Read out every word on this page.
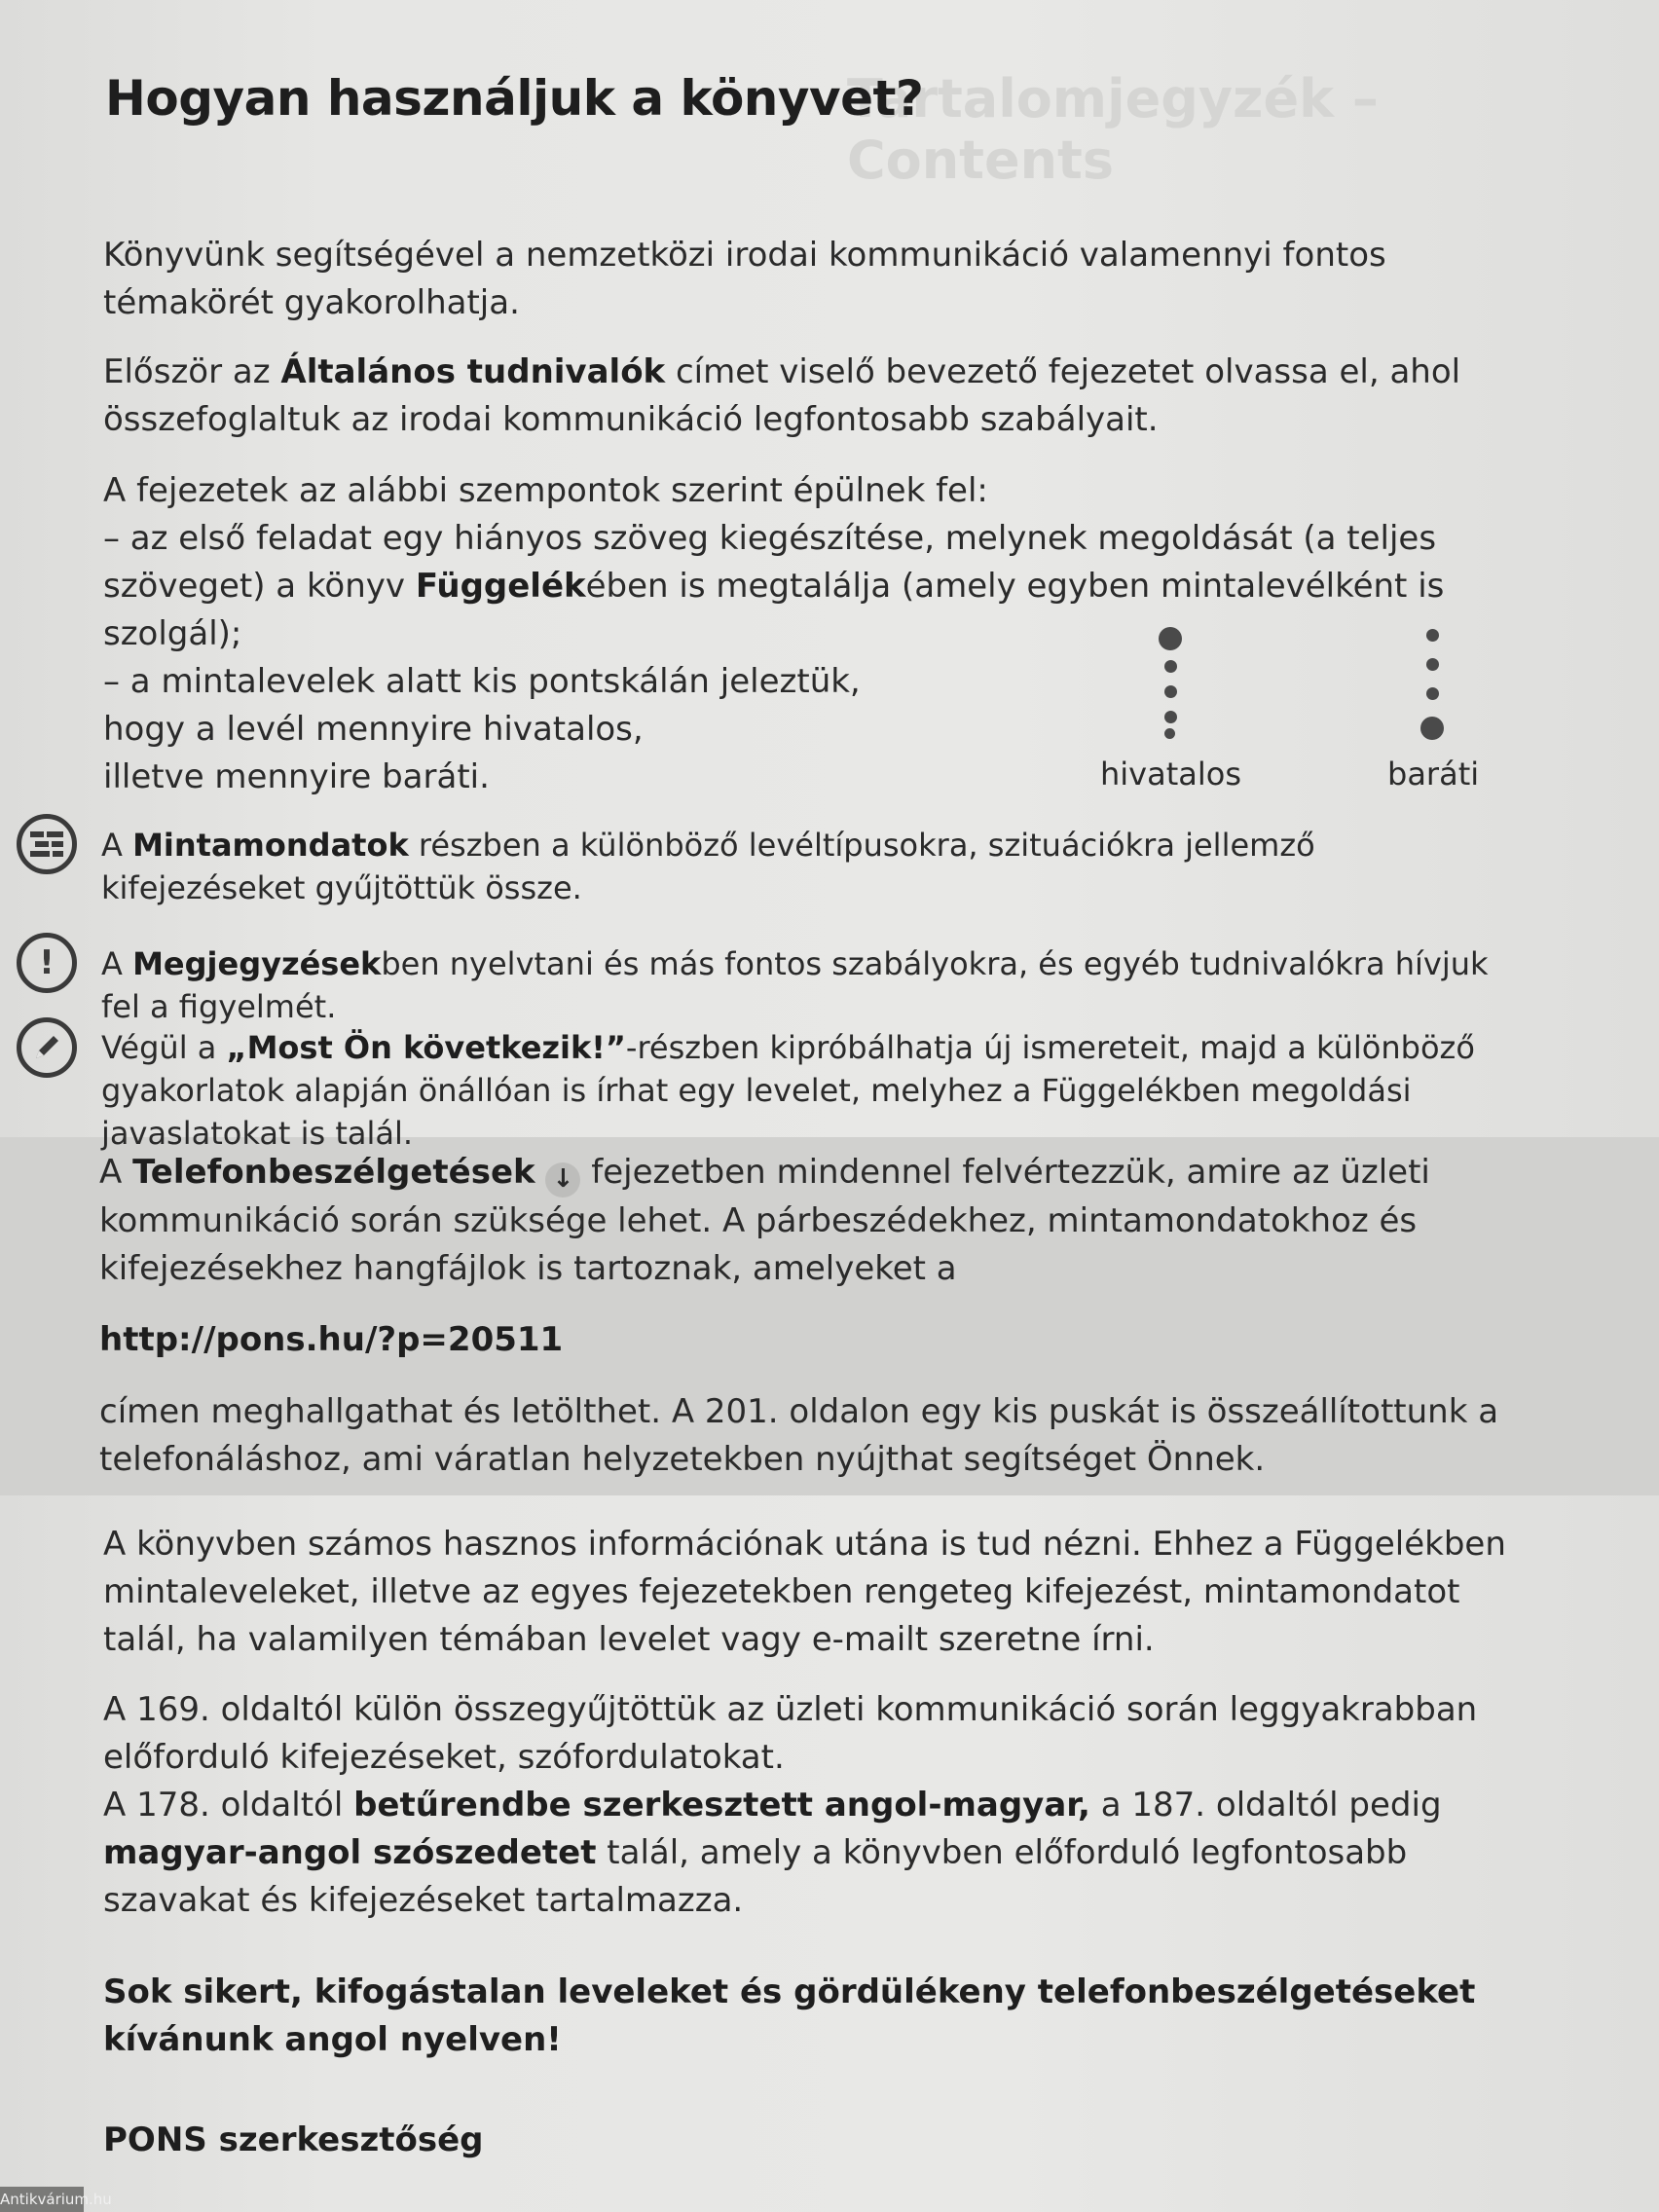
Tartalomjegyzék – Contents
Hogyan használjuk a könyvet?

Könyvünk segítségével a nemzetközi irodai kommunikáció valamennyi fontos témakörét gyakorolhatja.

Először az Általános tudnivalók címet viselő bevezető fejezetet olvassa el, ahol összefoglaltuk az irodai kommunikáció legfontosabb szabályait.

A fejezetek az alábbi szempontok szerint épülnek fel:

– az első feladat egy hiányos szöveg kiegészítése, melynek megoldását (a teljes szöveget) a könyv Függelékében is megtalálja (amely egyben mintalevélként is szolgál);

– a mintalevelek alatt kis pontskálán jeleztük,

hogy a levél mennyire hivatalos,

illetve mennyire baráti.	hivatalos	baráti
A Mintamondatok részben a különböző levéltípusokra, szituációkra jellemző kifejezéseket gyűjtöttük össze.
!	A Megjegyzésekben nyelvtani és más fontos szabályokra, és egyéb tudnivalókra hívjuk fel a figyelmét.
Végül a „Most Ön következik!”-részben kipróbálhatja új ismereteit, majd a különböző gyakorlatok alapján önállóan is írhat egy levelet, melyhez a Függelékben megoldási javaslatokat is talál.

A Telefonbeszélgetések ↓ fejezetben mindennel felvértezzük, amire az üzleti kommunikáció során szüksége lehet. A párbeszédekhez, mintamondatokhoz és kifejezésekhez hangfájlok is tartoznak, amelyeket a

http://pons.hu/?p=20511

címen meghallgathat és letölthet. A 201. oldalon egy kis puskát is összeállítottunk a telefonáláshoz, ami váratlan helyzetekben nyújthat segítséget Önnek.

A könyvben számos hasznos információnak utána is tud nézni. Ehhez a Függelékben mintaleveleket, illetve az egyes fejezetekben rengeteg kifejezést, mintamondatot talál, ha valamilyen témában levelet vagy e-mailt szeretne írni.

A 169. oldaltól külön összegyűjtöttük az üzleti kommunikáció során leggyakrabban előforduló kifejezéseket, szófordulatokat.

A 178. oldaltól betűrendbe szerkesztett angol-magyar, a 187. oldaltól pedig magyar-angol szószedetet talál, amely a könyvben előforduló legfontosabb szavakat és kifejezéseket tartalmazza.

Sok sikert, kifogástalan leveleket és gördülékeny telefonbeszélgetéseket kívánunk angol nyelven!
PONS szerkesztőség
Antikvárium.hu
